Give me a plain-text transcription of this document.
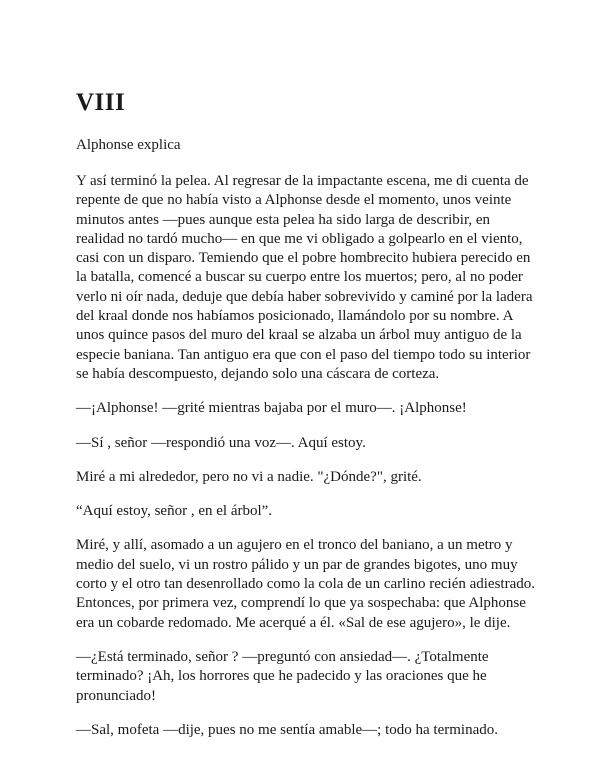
VIII

Alphonse explica

Y así terminó la pelea. Al regresar de la impactante escena, me di cuenta de repente de que no había visto a Alphonse desde el momento, unos veinte minutos antes —pues aunque esta pelea ha sido larga de describir, en realidad no tardó mucho— en que me vi obligado a golpearlo en el viento, casi con un disparo. Temiendo que el pobre hombrecito hubiera perecido en la batalla, comencé a buscar su cuerpo entre los muertos; pero, al no poder verlo ni oír nada, deduje que debía haber sobrevivido y caminé por la ladera del kraal donde nos habíamos posicionado, llamándolo por su nombre. A unos quince pasos del muro del kraal se alzaba un árbol muy antiguo de la especie baniana. Tan antiguo era que con el paso del tiempo todo su interior se había descompuesto, dejando solo una cáscara de corteza.

—¡Alphonse! —grité mientras bajaba por el muro—. ¡Alphonse!

—Sí , señor —respondió una voz—. Aquí estoy.

Miré a mi alrededor, pero no vi a nadie. "¿Dónde?", grité.

“Aquí estoy, señor , en el árbol”.

Miré, y allí, asomado a un agujero en el tronco del baniano, a un metro y medio del suelo, vi un rostro pálido y un par de grandes bigotes, uno muy corto y el otro tan desenrollado como la cola de un carlino recién adiestrado. Entonces, por primera vez, comprendí lo que ya sospechaba: que Alphonse era un cobarde redomado. Me acerqué a él. «Sal de ese agujero», le dije.

—¿Está terminado, señor ? —preguntó con ansiedad—. ¿Totalmente terminado? ¡Ah, los horrores que he padecido y las oraciones que he pronunciado!

—Sal, mofeta —dije, pues no me sentía amable—; todo ha terminado.
